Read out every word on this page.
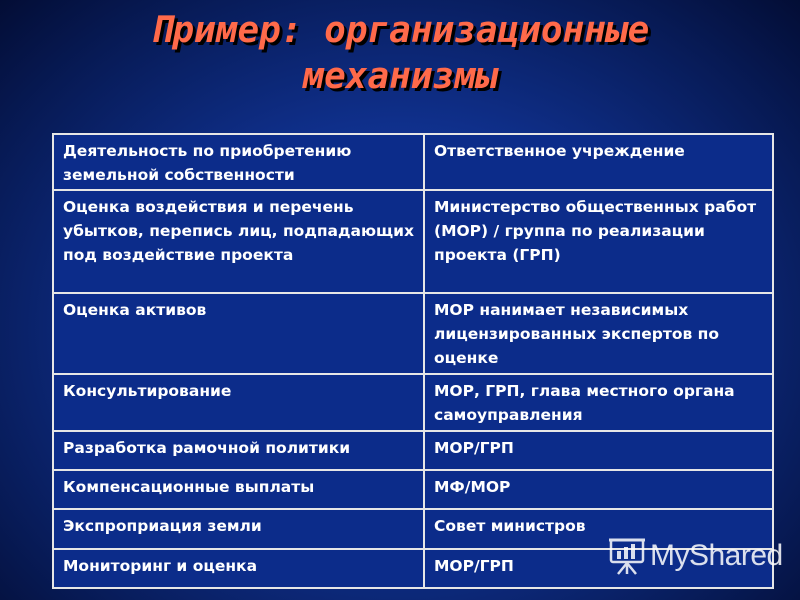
Пример: организационные
механизмы
Деятельность по приобретению земельной собственности	Ответственное учреждение
Оценка воздействия и перечень убытков, перепись лиц, подпадающих под воздействие проекта	Министерство общественных работ (МОР) / группа по реализации проекта (ГРП)
Оценка активов	МОР нанимает независимых лицензированных экспертов по оценке
Консультирование	МОР, ГРП, глава местного органа самоуправления
Разработка рамочной политики	МОР/ГРП
Компенсационные выплаты	МФ/МОР
Экспроприация земли	Совет министров
Мониторинг и оценка	МОР/ГРП	MyShared
